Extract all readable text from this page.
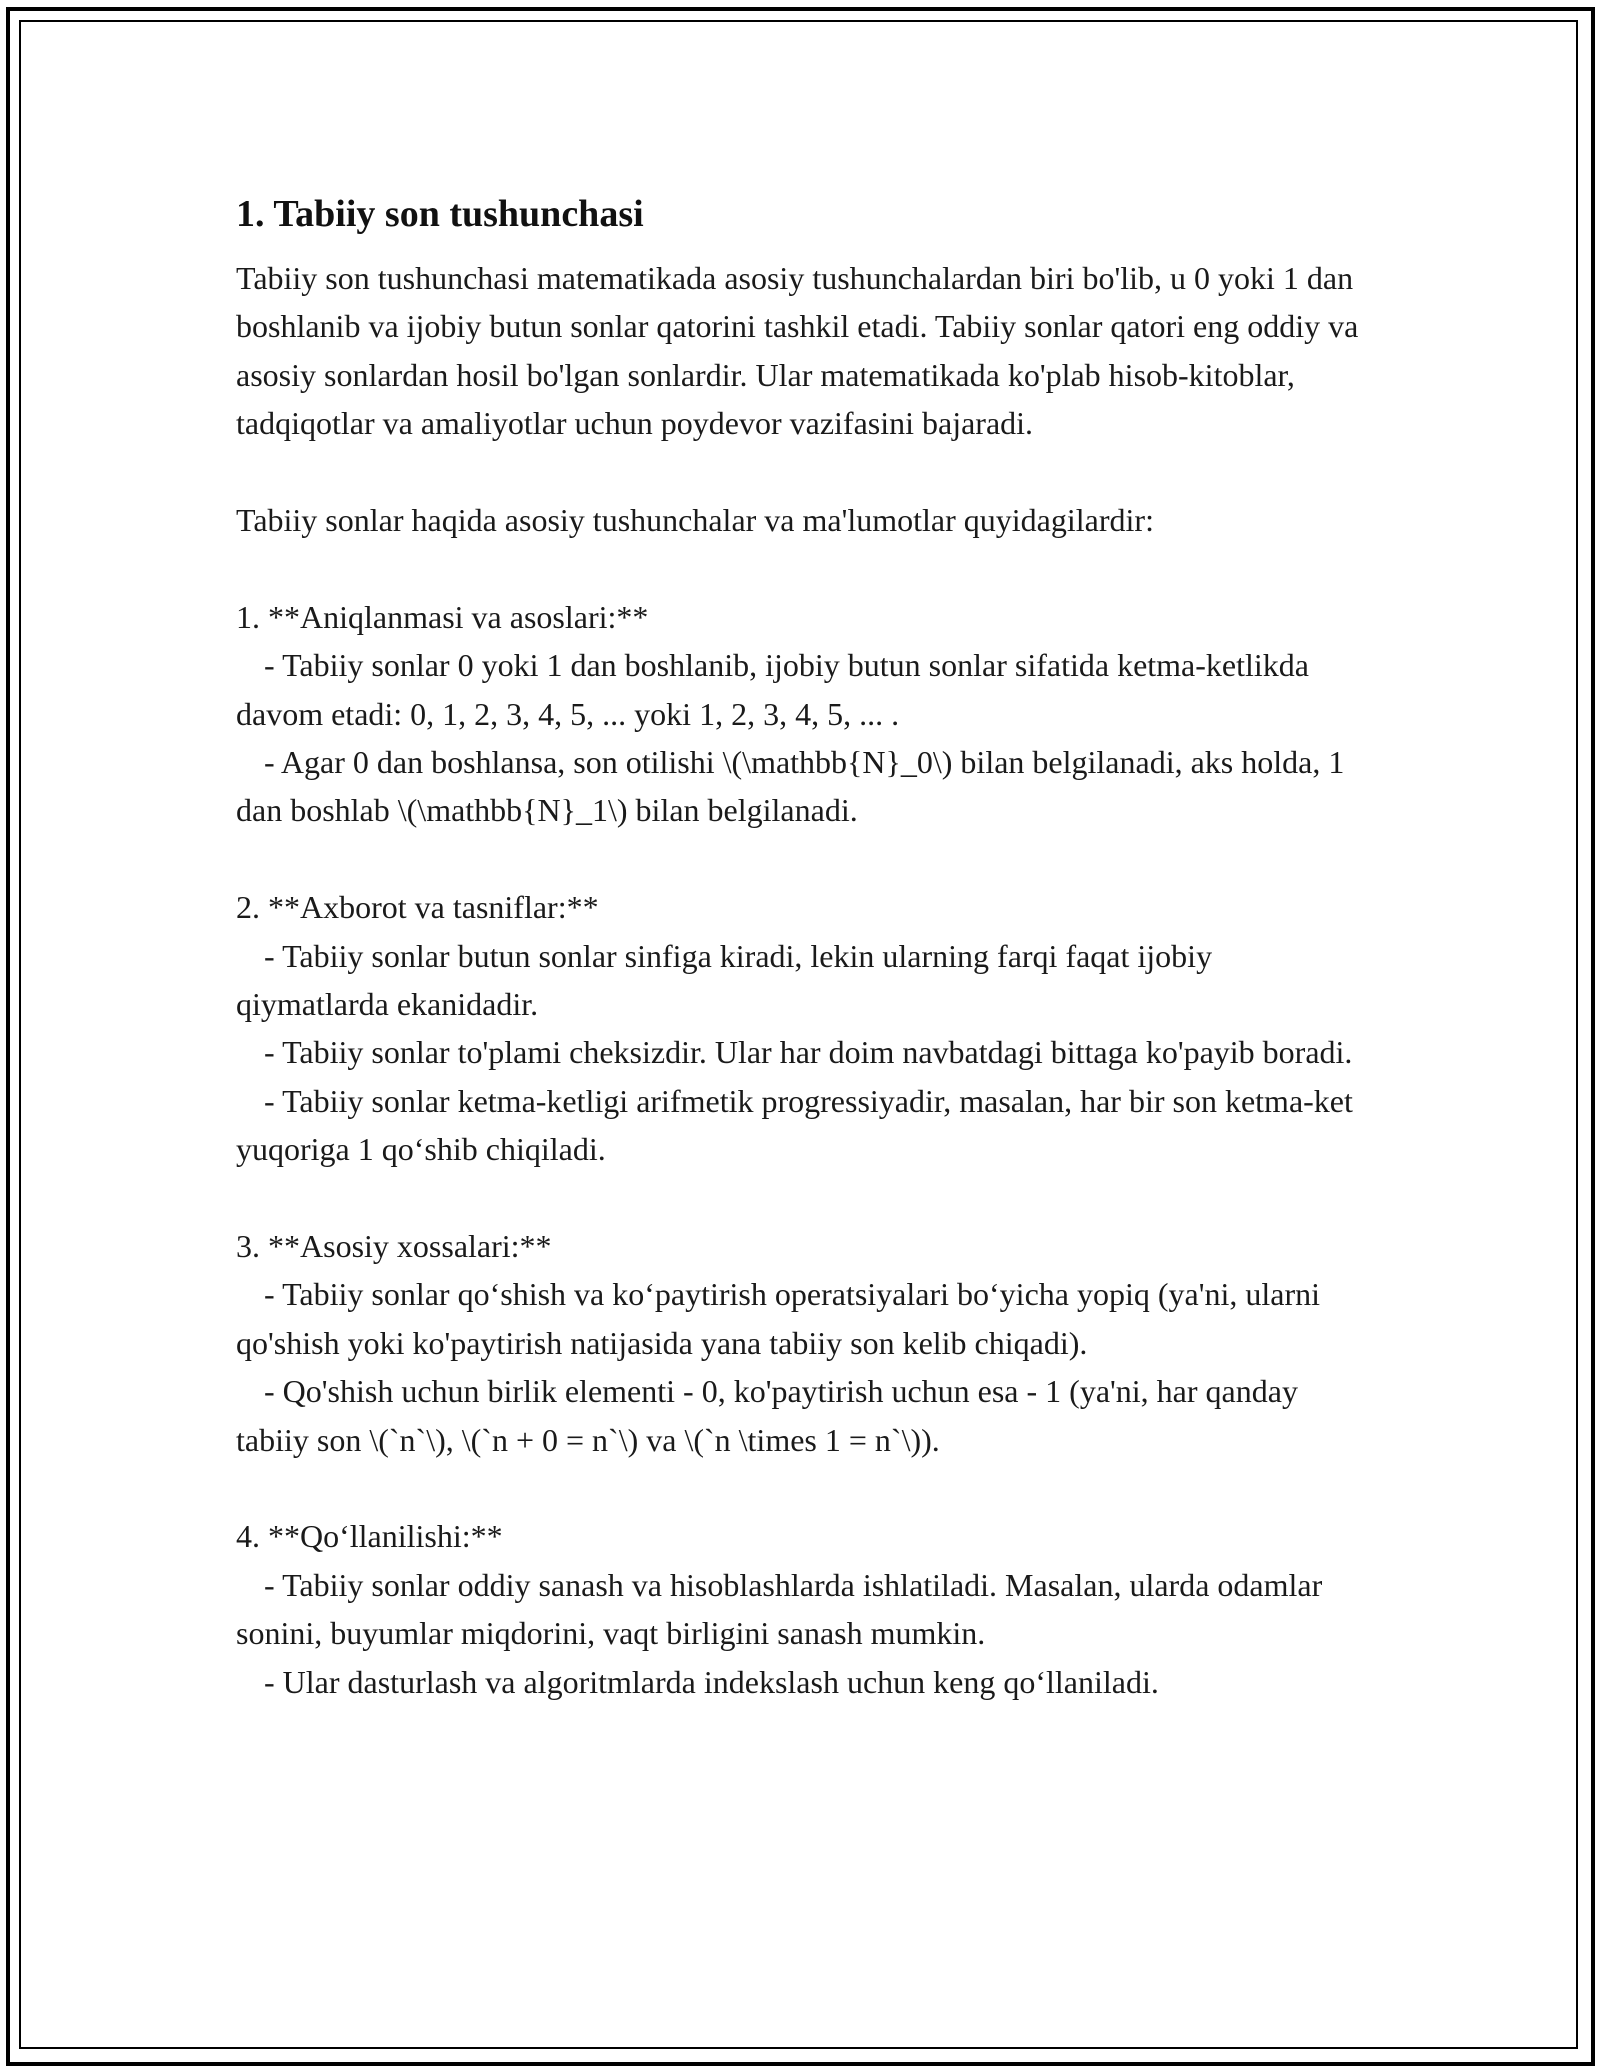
1. Tabiiy son tushunchasi

Tabiiy son tushunchasi matematikada asosiy tushunchalardan biri bo'lib, u 0 yoki 1 dan boshlanib va ijobiy butun sonlar qatorini tashkil etadi. Tabiiy sonlar qatori eng oddiy va asosiy sonlardan hosil bo'lgan sonlardir. Ular matematikada ko'plab hisob-kitoblar, tadqiqotlar va amaliyotlar uchun poydevor vazifasini bajaradi.

Tabiiy sonlar haqida asosiy tushunchalar va ma'lumotlar quyidagilardir:

1. **Aniqlanmasi va asoslari:**

- Tabiiy sonlar 0 yoki 1 dan boshlanib, ijobiy butun sonlar sifatida ketma-ketlikda davom etadi: 0, 1, 2, 3, 4, 5, ... yoki 1, 2, 3, 4, 5, ... .

- Agar 0 dan boshlansa, son otilishi \(\mathbb{N}_0\) bilan belgilanadi, aks holda, 1 dan boshlab \(\mathbb{N}_1\) bilan belgilanadi.

2. **Axborot va tasniflar:**

- Tabiiy sonlar butun sonlar sinfiga kiradi, lekin ularning farqi faqat ijobiy qiymatlarda ekanidadir.

- Tabiiy sonlar to'plami cheksizdir. Ular har doim navbatdagi bittaga ko'payib boradi.

- Tabiiy sonlar ketma-ketligi arifmetik progressiyadir, masalan, har bir son ketma-ket yuqoriga 1 qo‘shib chiqiladi.

3. **Asosiy xossalari:**

- Tabiiy sonlar qo‘shish va ko‘paytirish operatsiyalari bo‘yicha yopiq (ya'ni, ularni qo'shish yoki ko'paytirish natijasida yana tabiiy son kelib chiqadi).

- Qo'shish uchun birlik elementi - 0, ko'paytirish uchun esa - 1 (ya'ni, har qanday tabiiy son \(`n`\), \(`n + 0 = n`\) va \(`n \times 1 = n`\)).

4. **Qo‘llanilishi:**

- Tabiiy sonlar oddiy sanash va hisoblashlarda ishlatiladi. Masalan, ularda odamlar sonini, buyumlar miqdorini, vaqt birligini sanash mumkin.

- Ular dasturlash va algoritmlarda indekslash uchun keng qo‘llaniladi.
